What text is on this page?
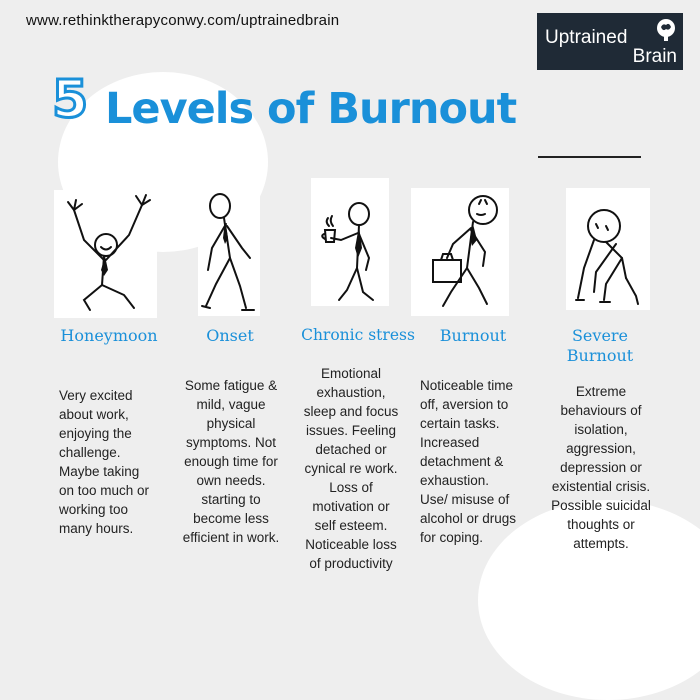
www.rethinktherapyconwy.com/uptrainedbrain
Uptrained
Brain
5 Levels of Burnout
Honeymoon	Onset	Chronic stress	Burnout	Severe
Burnout
Very excited
about work,
enjoying the
challenge.
Maybe taking
on too much or
working too
many hours.
Some fatigue &
mild, vague
physical
symptoms. Not
enough time for
own needs.
starting to
become less
efficient in work.
Emotional
exhaustion,
sleep and focus
issues. Feeling
detached or
cynical re work.
Loss of
motivation or
self esteem.
Noticeable loss
of productivity
Noticeable time
off, aversion to
certain tasks.
Increased
detachment &
exhaustion.
Use/ misuse of
alcohol or drugs
for coping.
Extreme
behaviours of
isolation,
aggression,
depression or
existential crisis.
Possible suicidal
thoughts or
attempts.
